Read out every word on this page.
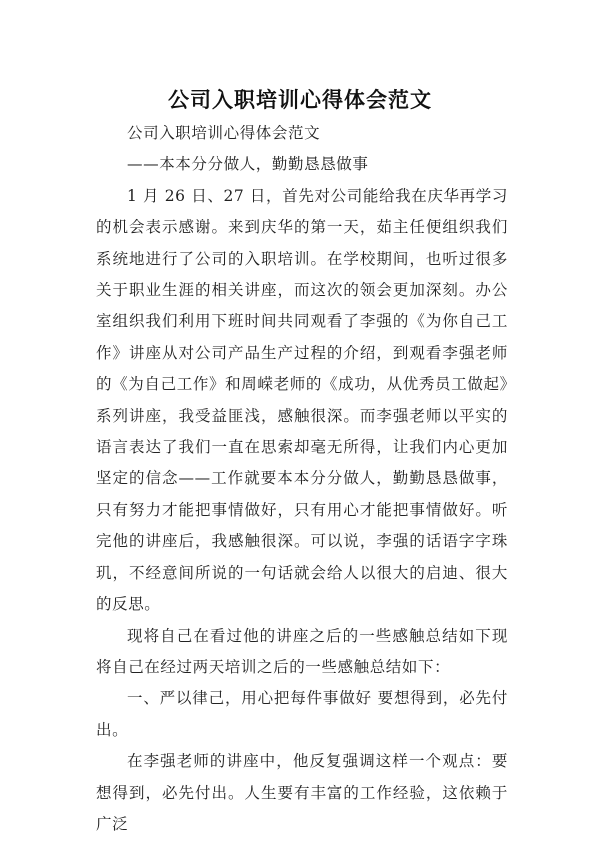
公司入职培训心得体会范文

公司入职培训心得体会范文

——本本分分做人，勤勤恳恳做事

1 月 26 日、27 日，首先对公司能给我在庆华再学习的机会表示感谢。来到庆华的第一天，茹主任便组织我们系统地进行了公司的入职培训。在学校期间，也听过很多关于职业生涯的相关讲座，而这次的领会更加深刻。办公室组织我们利用下班时间共同观看了李强的《为你自己工作》讲座从对公司产品生产过程的介绍，到观看李强老师的《为自己工作》和周嵘老师的《成功，从优秀员工做起》系列讲座，我受益匪浅，感触很深。而李强老师以平实的语言表达了我们一直在思索却毫无所得，让我们内心更加坚定的信念——工作就要本本分分做人，勤勤恳恳做事，只有努力才能把事情做好，只有用心才能把事情做好。听完他的讲座后，我感触很深。可以说，李强的话语字字珠玑，不经意间所说的一句话就会给人以很大的启迪、很大的反思。

现将自己在看过他的讲座之后的一些感触总结如下现将自己在经过两天培训之后的一些感触总结如下：

一、严以律己，用心把每件事做好 要想得到，必先付出。

在李强老师的讲座中，他反复强调这样一个观点：要想得到，必先付出。人生要有丰富的工作经验，这依赖于广泛
